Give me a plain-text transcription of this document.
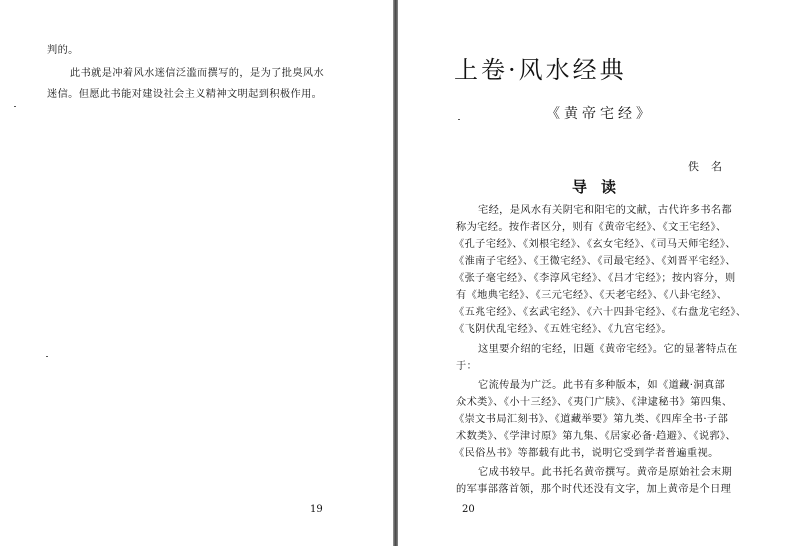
判的。
此书就是冲着风水迷信泛滥而撰写的，是为了批臭风水
迷信。但愿此书能对建设社会主义精神文明起到积极作用。
19
上卷·风水经典
《黄帝宅经》
佚名
导读
宅经，是风水有关阴宅和阳宅的文献，古代许多书名都
称为宅经。按作者区分，则有《黄帝宅经》、《文王宅经》、
《孔子宅经》、《刘根宅经》、《玄女宅经》、《司马天师宅经》、
《淮南子宅经》、《王微宅经》、《司最宅经》、《刘晋平宅经》、
《张子毫宅经》、《李淳风宅经》、《吕才宅经》；按内容分，则
有《地典宅经》、《三元宅经》、《天老宅经》、《八卦宅经》、
《五兆宅经》、《玄武宅经》、《六十四卦宅经》、《右盘龙宅经》、
《飞阴伏乱宅经》、《五姓宅经》、《九宫宅经》。
这里要介绍的宅经，旧题《黄帝宅经》。它的显著特点在
于：
它流传最为广泛。此书有多种版本，如《道藏·洞真部
众术类》、《小十三经》、《夷门广牍》、《津逮秘书》第四集、
《崇文书局汇刻书》、《道藏举要》第九类、《四库全书·子部
术数类》、《学津讨原》第九集、《居家必备·趋避》、《说郛》、
《民俗丛书》等都载有此书，说明它受到学者普遍重视。
它成书较早。此书托名黄帝撰写。黄帝是原始社会末期
的军事部落首领，那个时代还没有文字，加上黄帝是个日理
20
